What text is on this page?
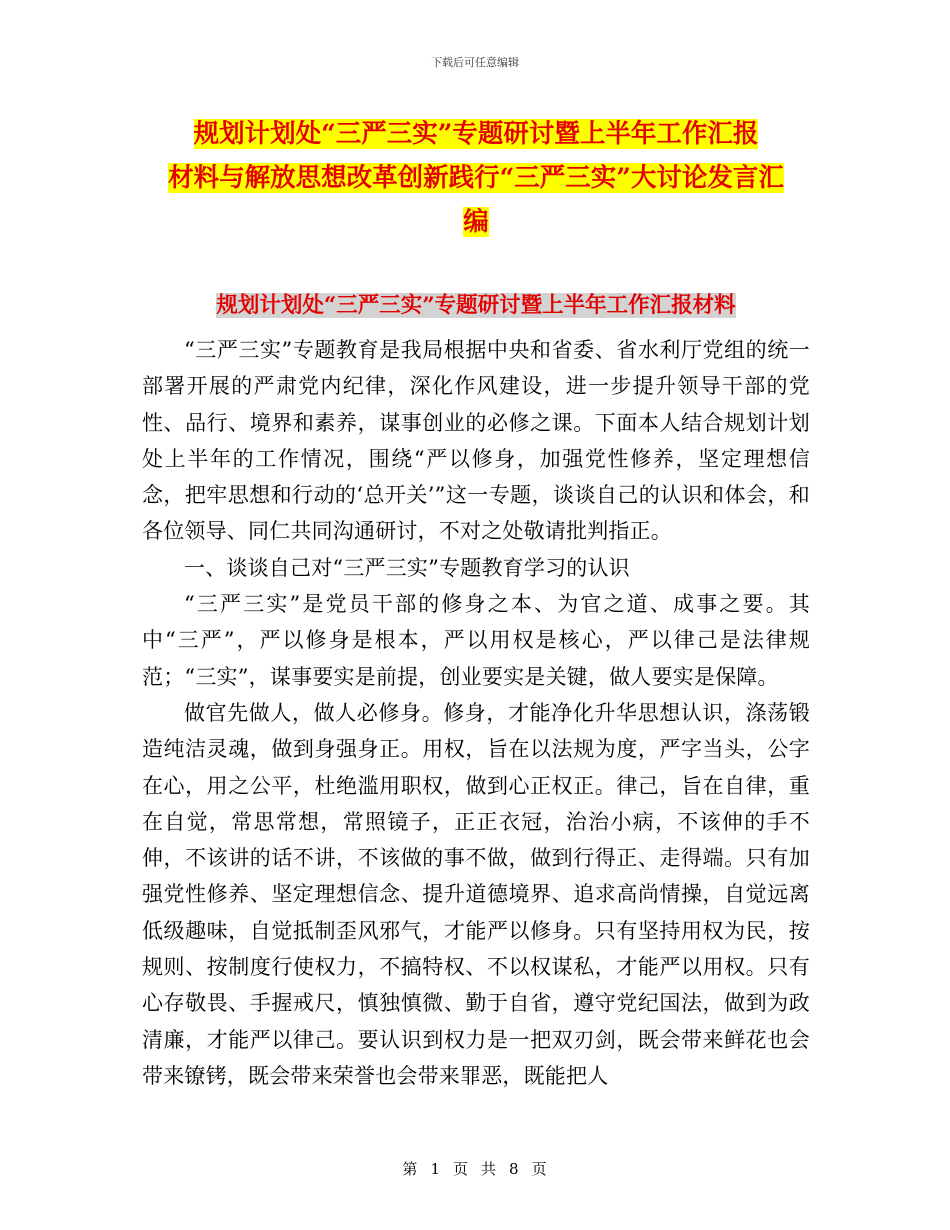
下载后可任意编辑
规划计划处“三严三实”专题研讨暨上半年工作汇报
材料与解放思想改革创新践行“三严三实”大讨论发言汇
编
规划计划处“三严三实”专题研讨暨上半年工作汇报材料

“三严三实”专题教育是我局根据中央和省委、省水利厅党组的统一部署开展的严肃党内纪律，深化作风建设，进一步提升领导干部的党性、品行、境界和素养，谋事创业的必修之课。下面本人结合规划计划处上半年的工作情况，围绕“严以修身，加强党性修养，坚定理想信念，把牢思想和行动的‘总开关’”这一专题，谈谈自己的认识和体会，和各位领导、同仁共同沟通研讨，不对之处敬请批判指正。

一、谈谈自己对“三严三实”专题教育学习的认识

“三严三实”是党员干部的修身之本、为官之道、成事之要。其中“三严”，严以修身是根本，严以用权是核心，严以律己是法律规范；“三实”，谋事要实是前提，创业要实是关键，做人要实是保障。

做官先做人，做人必修身。修身，才能净化升华思想认识，涤荡锻造纯洁灵魂，做到身强身正。用权，旨在以法规为度，严字当头，公字在心，用之公平，杜绝滥用职权，做到心正权正。律己，旨在自律，重在自觉，常思常想，常照镜子，正正衣冠，治治小病，不该伸的手不伸，不该讲的话不讲，不该做的事不做，做到行得正、走得端。只有加强党性修养、坚定理想信念、提升道德境界、追求高尚情操，自觉远离低级趣味，自觉抵制歪风邪气，才能严以修身。只有坚持用权为民，按规则、按制度行使权力，不搞特权、不以权谋私，才能严以用权。只有心存敬畏、手握戒尺，慎独慎微、勤于自省，遵守党纪国法，做到为政清廉，才能严以律己。要认识到权力是一把双刃剑，既会带来鲜花也会带来镣铐，既会带来荣誉也会带来罪恶，既能把人

第 1 页 共 8 页
